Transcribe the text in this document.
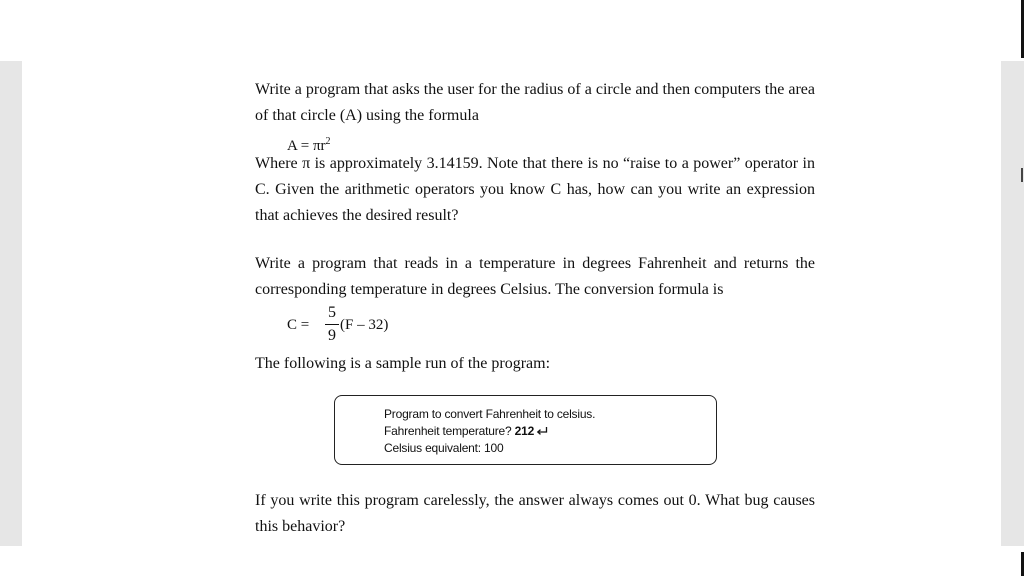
Write a program that asks the user for the radius of a circle and then computers the area of that circle (A) using the formula

$A = \pi r^2$

Where π is approximately 3.14159. Note that there is no “raise to a power” operator in C. Given the arithmetic operators you know C has, how can you write an expression that achieves the desired result?

Write a program that reads in a temperature in degrees Fahrenheit and returns the corresponding temperature in degrees Celsius. The conversion formula is

C =
5
9
(F – 32)

The following is a sample run of the program:

Program to convert Fahrenheit to celsius.
Fahrenheit temperature? 212
Celsius equivalent: 100

If you write this program carelessly, the answer always comes out 0. What bug causes this behavior?
